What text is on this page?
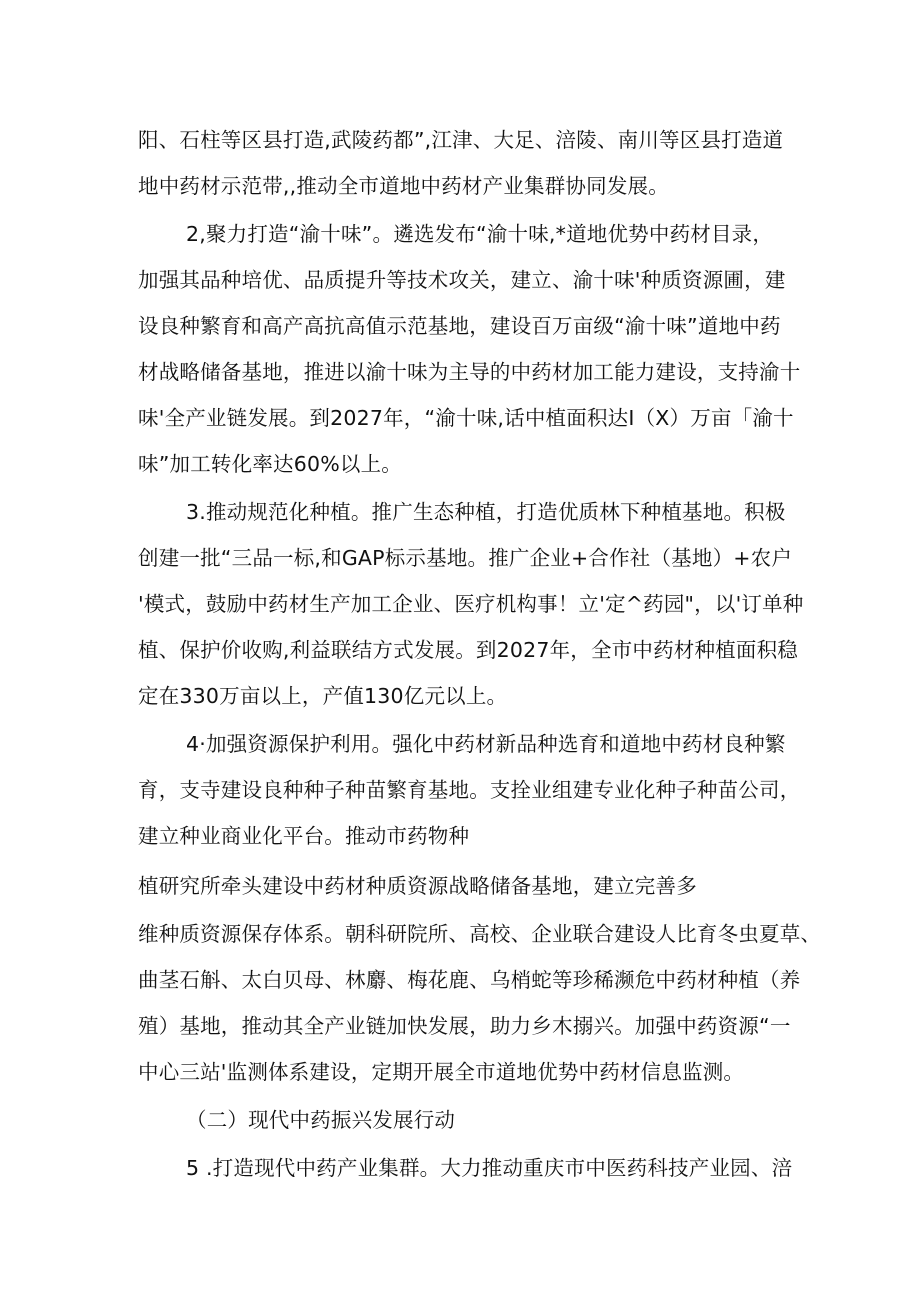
阳、石柱等区县打造,武陵药都”,江津、大足、涪陵、南川等区县打造道
地中药材示范带,,推动全市道地中药材产业集群协同发展。
2,聚力打造“渝十味”。遴选发布“渝十味,*道地优势中药材目录，
加强其品种培优、品质提升等技术攻关，建立、渝十味'种质资源圃，建
设良种繁育和高产高抗高值示范基地，建设百万亩级“渝十味”道地中药
材战略储备基地，推进以渝十味为主导的中药材加工能力建设，支持渝十
味'全产业链发展。到2027年，“渝十味,话中植面积达I（X）万亩「渝十
味”加工转化率达60%以上。
3.推动规范化种植。推广生态种植，打造优质林下种植基地。积极
创建一批“三品一标,和GAP标示基地。推广企业+合作社（基地）+农户
'模式，鼓励中药材生产加工企业、医疗机构事！立'定^药园"，以'订单种
植、保护价收购,利益联结方式发展。到2027年，全市中药材种植面积稳
定在330万亩以上，产值130亿元以上。
4·加强资源保护利用。强化中药材新品种选育和道地中药材良种繁
育，支寺建设良种种子种苗繁育基地。支拴业组建专业化种子种苗公司，
建立种业商业化平台。推动市药物种
植研究所牵头建设中药材种质资源战略储备基地，建立完善多
维种质资源保存体系。朝科研院所、高校、企业联合建设人比育冬虫夏草、
曲茎石斛、太白贝母、林麝、梅花鹿、乌梢蛇等珍稀濒危中药材种植（养
殖）基地，推动其全产业链加快发展，助力乡木搦兴。加强中药资源“一
中心三站'监测体系建设，定期开展全市道地优势中药材信息监测。
（二）现代中药振兴发展行动
5 .打造现代中药产业集群。大力推动重庆市中医药科技产业园、涪
